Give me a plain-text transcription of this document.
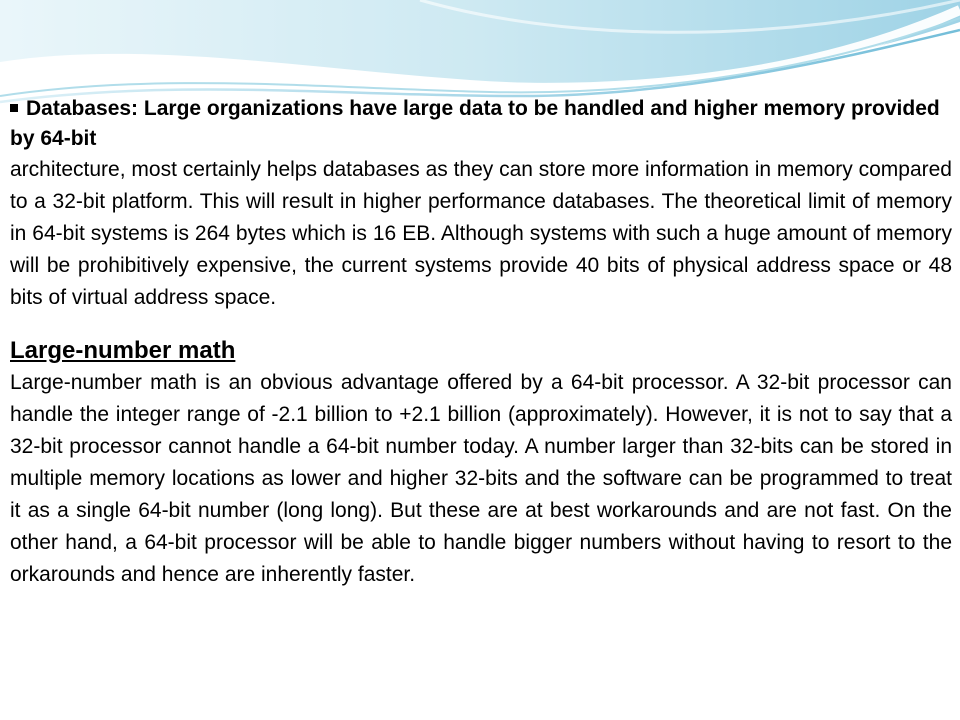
Databases: Large organizations have large data to be handled and higher memory provided by 64-bit

architecture, most certainly helps databases as they can store more information in memory compared to a 32-bit platform. This will result in higher performance databases. The theoretical limit of memory in 64-bit systems is 264 bytes which is 16 EB. Although systems with such a huge amount of memory will be prohibitively expensive, the current systems provide 40 bits of physical address space or 48 bits of virtual address space.

Large-number math

Large-number math is an obvious advantage offered by a 64-bit processor. A 32-bit processor can handle the integer range of -2.1 billion to +2.1 billion (approximately). However, it is not to say that a 32-bit processor cannot handle a 64-bit number today. A number larger than 32-bits can be stored in multiple memory locations as lower and higher 32-bits and the software can be programmed to treat it as a single 64-bit number (long long). But these are at best workarounds and are not fast. On the other hand, a 64-bit processor will be able to handle bigger numbers without having to resort to the orkarounds and hence are inherently faster.
